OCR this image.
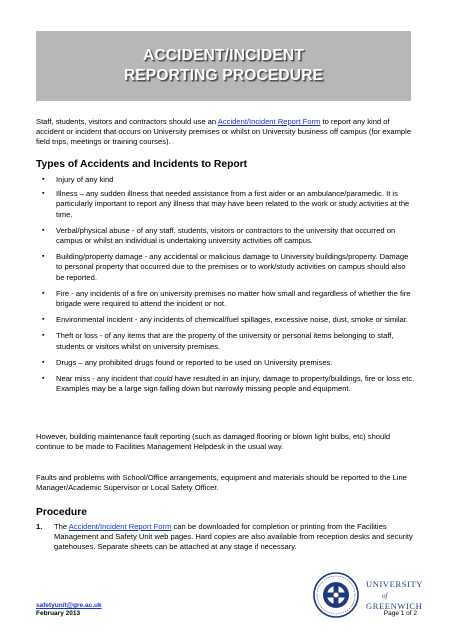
ACCIDENT/INCIDENT
REPORTING PROCEDURE

Staff, students, visitors and contractors should use an Accident/Incident Report Form to report any kind of accident or incident that occurs on University premises or whilst on University business off campus (for example field trips, meetings or training courses).

Types of Accidents and Incidents to Report
▪ Injury of any kind
▪ Illness – any sudden illness that needed assistance from a first aider or an ambulance/paramedic. It is particularly important to report any illness that may have been related to the work or study activities at the time.
▪ Verbal/physical abuse - of any staff, students, visitors or contractors to the university that occurred on campus or whilst an individual is undertaking university activities off campus.
▪ Building/property damage - any accidental or malicious damage to University buildings/property. Damage to personal property that occurred due to the premises or to work/study activities on campus should also be reported.
▪ Fire - any incidents of a fire on university premises no matter how small and regardless of whether the fire brigade were required to attend the incident or not.
▪ Environmental incident - any incidents of chemical/fuel spillages, excessive noise, dust, smoke or similar.
▪ Theft or loss - of any items that are the property of the university or personal items belonging to staff, students or visitors whilst on university premises.
▪ Drugs – any prohibited drugs found or reported to be used on University premises.
▪ Near miss - any incident that could have resulted in an injury, damage to property/buildings, fire or loss etc. Examples may be a large sign falling down but narrowly missing people and equipment.

However, building maintenance fault reporting (such as damaged flooring or blown light bulbs, etc) should continue to be made to Facilities Management Helpdesk in the usual way.

Faults and problems with School/Office arrangements, equipment and materials should be reported to the Line Manager/Academic Supervisor or Local Safety Officer.

Procedure
1. The Accident/Incident Report Form can be downloaded for completion or printing from the Facilities Management and Safety Unit web pages. Hard copies are also available from reception desks and security gatehouses. Separate sheets can be attached at any stage if necessary.
UNIVERSITY
of
GREENWICH
safetyunit@gre.ac.uk
February 2013	Page 1 of 2
